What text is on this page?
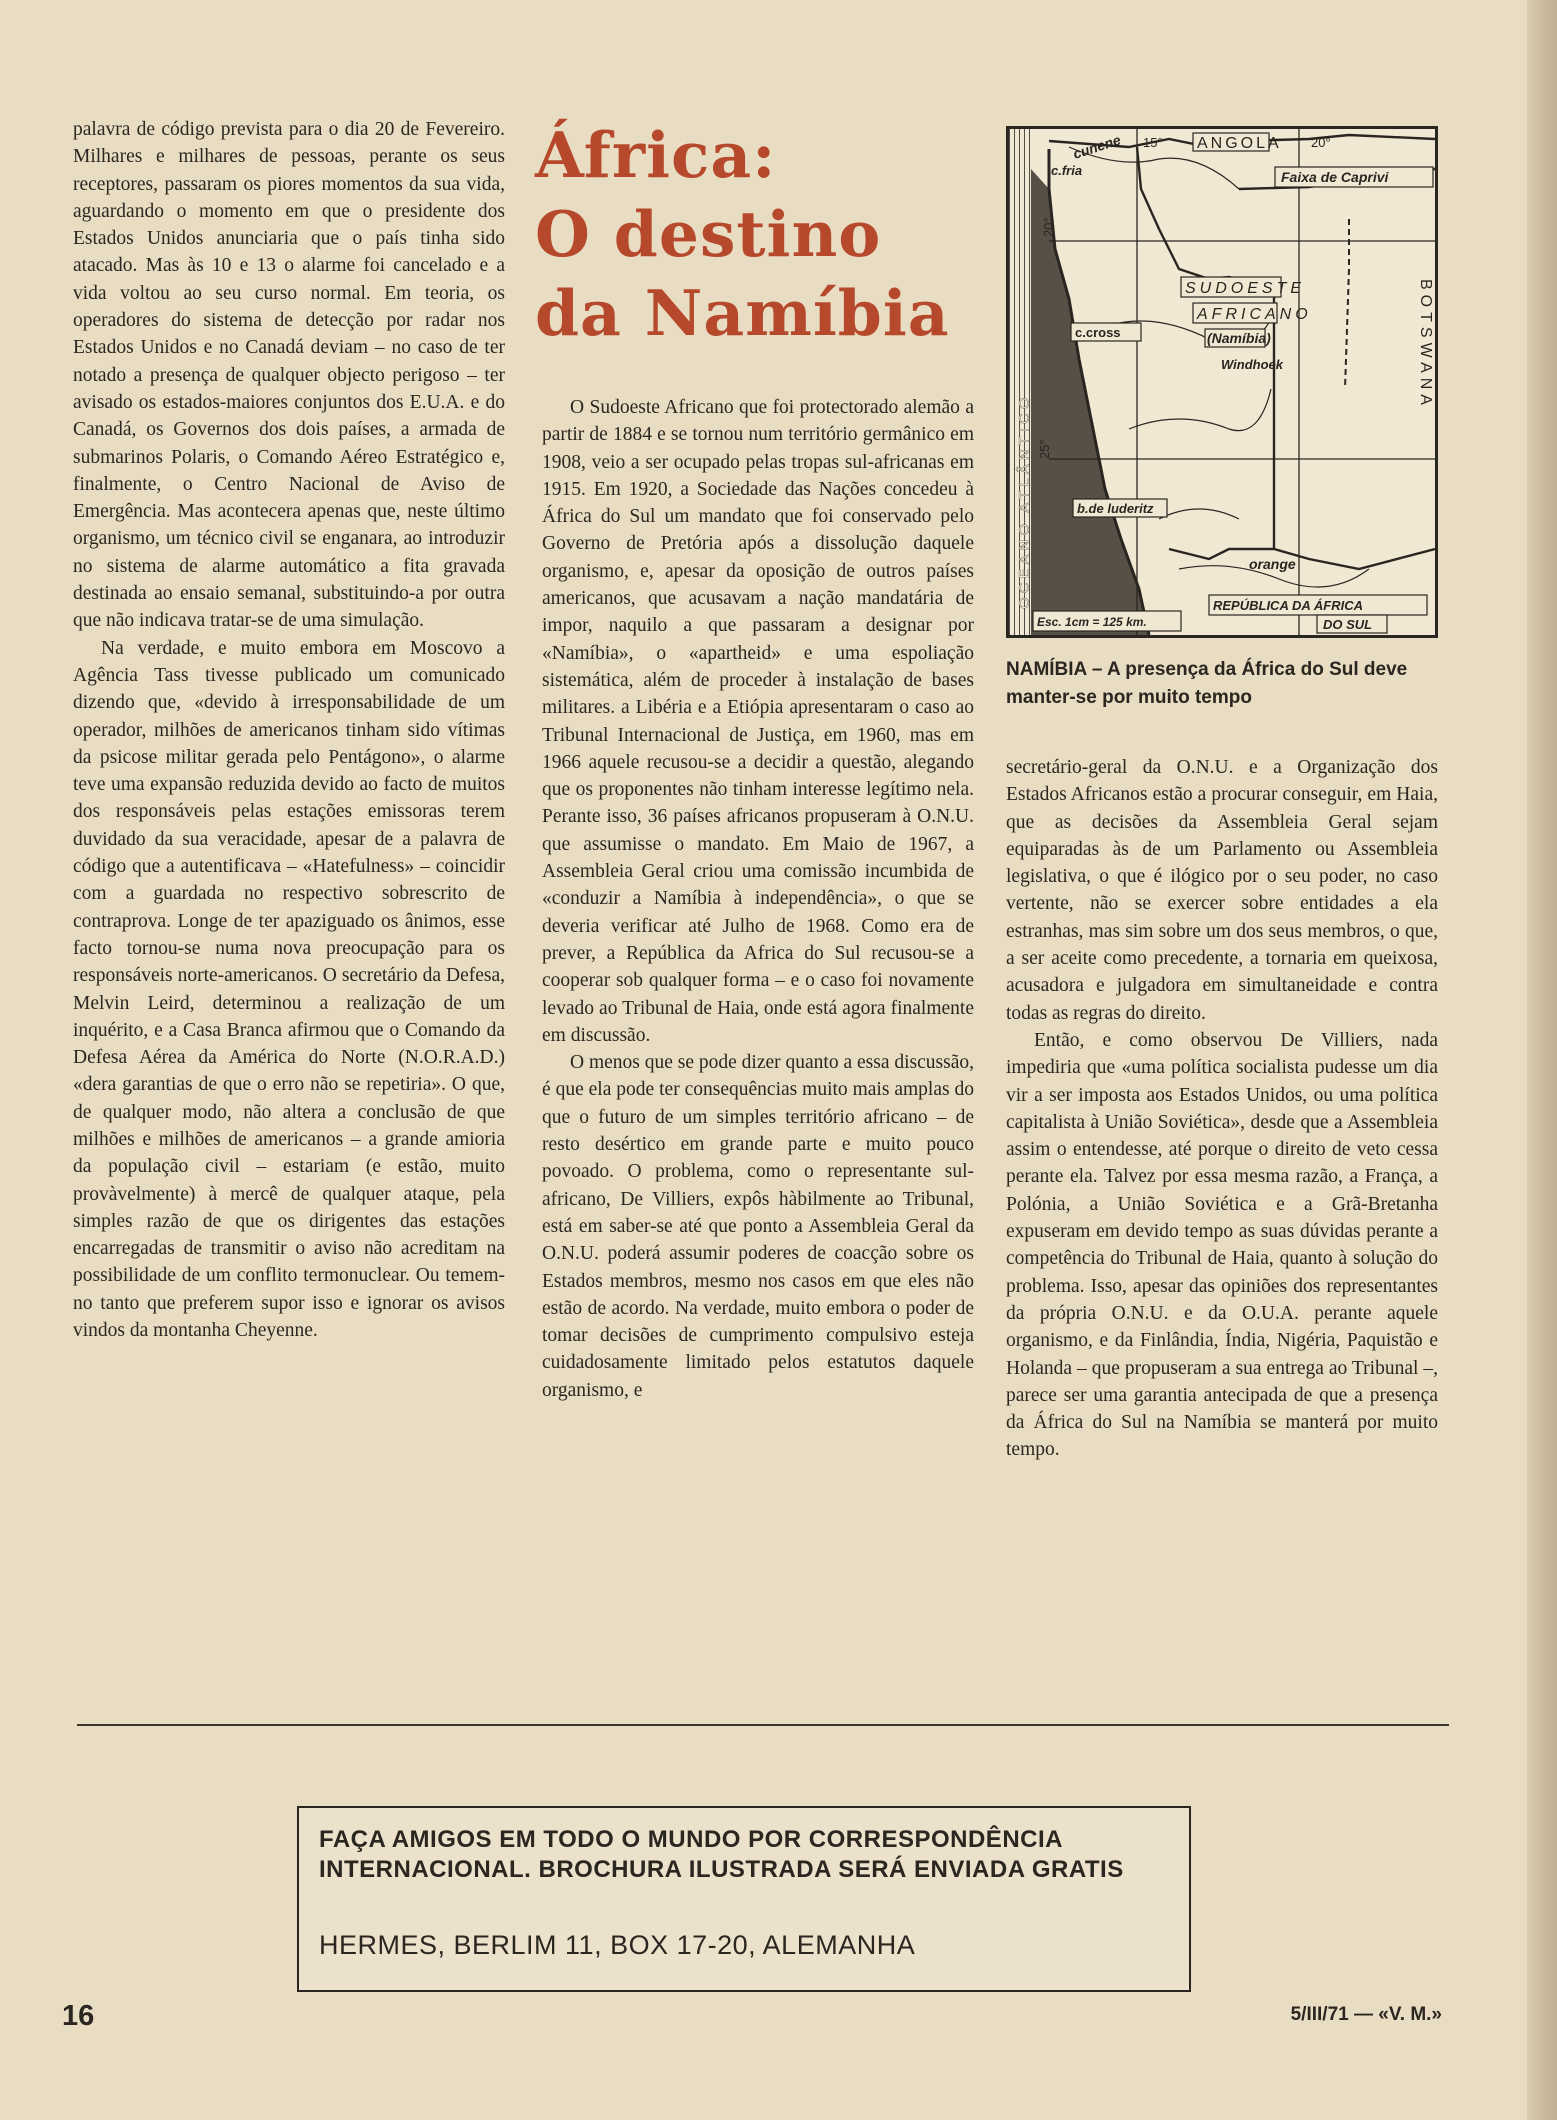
palavra de código prevista para o dia 20 de Fevereiro. Milhares e milhares de pessoas, perante os seus receptores, passaram os piores momentos da sua vida, aguardando o momento em que o presidente dos Estados Unidos anunciaria que o país tinha sido atacado. Mas às 10 e 13 o alarme foi cancelado e a vida voltou ao seu curso normal. Em teoria, os operadores do sistema de detecção por radar nos Estados Unidos e no Canadá deviam – no caso de ter notado a presença de qualquer objecto perigoso – ter avisado os estados-maiores conjuntos dos E.U.A. e do Canadá, os Governos dos dois países, a armada de submarinos Polaris, o Comando Aéreo Estratégico e, finalmente, o Centro Nacional de Aviso de Emergência. Mas acontecera apenas que, neste último organismo, um técnico civil se enganara, ao introduzir no sistema de alarme automático a fita gravada destinada ao ensaio semanal, substituindo-a por outra que não indicava tratar-se de uma simulação.

Na verdade, e muito embora em Moscovo a Agência Tass tivesse publicado um comunicado dizendo que, «devido à irresponsabilidade de um operador, milhões de americanos tinham sido vítimas da psicose militar gerada pelo Pentágono», o alarme teve uma expansão reduzida devido ao facto de muitos dos responsáveis pelas estações emissoras terem duvidado da sua veracidade, apesar de a palavra de código que a autentificava – «Hatefulness» – coincidir com a guardada no respectivo sobrescrito de contraprova. Longe de ter apaziguado os ânimos, esse facto tornou-se numa nova preocupação para os responsáveis norte-americanos. O secretário da Defesa, Melvin Leird, determinou a realização de um inquérito, e a Casa Branca afirmou que o Comando da Defesa Aérea da América do Norte (N.O.R.A.D.) «dera garantias de que o erro não se repetiria». O que, de qualquer modo, não altera a conclusão de que milhões e milhões de americanos – a grande amioria da população civil – estariam (e estão, muito provàvelmente) à mercê de qualquer ataque, pela simples razão de que os dirigentes das estações encarregadas de transmitir o aviso não acreditam na possibilidade de um conflito termonuclear. Ou temem-no tanto que preferem supor isso e ignorar os avisos vindos da montanha Cheyenne.

África:
O destino
da Namíbia

O Sudoeste Africano que foi protectorado alemão a partir de 1884 e se tornou num território germânico em 1908, veio a ser ocupado pelas tropas sul-africanas em 1915. Em 1920, a Sociedade das Nações concedeu à África do Sul um mandato que foi conservado pelo Governo de Pretória após a dissolução daquele organismo, e, apesar da oposição de outros países americanos, que acusavam a nação mandatária de impor, naquilo a que passaram a designar por «Namíbia», o «apartheid» e uma espoliação sistemática, além de proceder à instalação de bases militares. a Libéria e a Etiópia apresentaram o caso ao Tribunal Internacional de Justiça, em 1960, mas em 1966 aquele recusou-se a decidir a questão, alegando que os proponentes não tinham interesse legítimo nela. Perante isso, 36 países africanos propuseram à O.N.U. que assumisse o mandato. Em Maio de 1967, a Assembleia Geral criou uma comissão incumbida de «conduzir a Namíbia à independência», o que se deveria verificar até Julho de 1968. Como era de prever, a República da Africa do Sul recusou-se a cooperar sob qualquer forma – e o caso foi novamente levado ao Tribunal de Haia, onde está agora finalmente em discussão.

O menos que se pode dizer quanto a essa discussão, é que ela pode ter consequências muito mais amplas do que o futuro de um simples território africano – de resto desértico em grande parte e muito pouco povoado. O problema, como o representante sul-africano, De Villiers, expôs hàbilmente ao Tribunal, está em saber-se até que ponto a Assembleia Geral da O.N.U. poderá assumir poderes de coacção sobre os Estados membros, mesmo nos casos em que eles não estão de acordo. Na verdade, muito embora o poder de tomar decisões de cumprimento compulsivo esteja cuidadosamente limitado pelos estatutos daquele organismo, e

cunene
c.fria
15° ANGOLA 20°
Faixa de Caprivi
20°
SUDOESTE
AFRICANO
(Namíbia)
Windhoek
c.cross	BOTSWANA
25°
OCEANO ATLÂNTICO	b.de luderitz
orange
REPÚBLICA DA ÁFRICA
DO SUL
Esc. 1cm = 125 km.
NAMÍBIA – A presença da África do Sul deve manter-se por muito tempo

secretário-geral da O.N.U. e a Organização dos Estados Africanos estão a procurar conseguir, em Haia, que as decisões da Assembleia Geral sejam equiparadas às de um Parlamento ou Assembleia legislativa, o que é ilógico por o seu poder, no caso vertente, não se exercer sobre entidades a ela estranhas, mas sim sobre um dos seus membros, o que, a ser aceite como precedente, a tornaria em queixosa, acusadora e julgadora em simultaneidade e contra todas as regras do direito.

Então, e como observou De Villiers, nada impediria que «uma política socialista pudesse um dia vir a ser imposta aos Estados Unidos, ou uma política capitalista à União Soviética», desde que a Assembleia assim o entendesse, até porque o direito de veto cessa perante ela. Talvez por essa mesma razão, a França, a Polónia, a União Soviética e a Grã-Bretanha expuseram em devido tempo as suas dúvidas perante a competência do Tribunal de Haia, quanto à solução do problema. Isso, apesar das opiniões dos representantes da própria O.N.U. e da O.U.A. perante aquele organismo, e da Finlândia, Índia, Nigéria, Paquistão e Holanda – que propuseram a sua entrega ao Tribunal –, parece ser uma garantia antecipada de que a presença da África do Sul na Namíbia se manterá por muito tempo.

FAÇA AMIGOS EM TODO O MUNDO POR CORRESPONDÊNCIA
INTERNACIONAL. BROCHURA ILUSTRADA SERÁ ENVIADA GRATIS
HERMES, BERLIM 11, BOX 17-20, ALEMANHA
16	5/III/71 — «V. M.»
